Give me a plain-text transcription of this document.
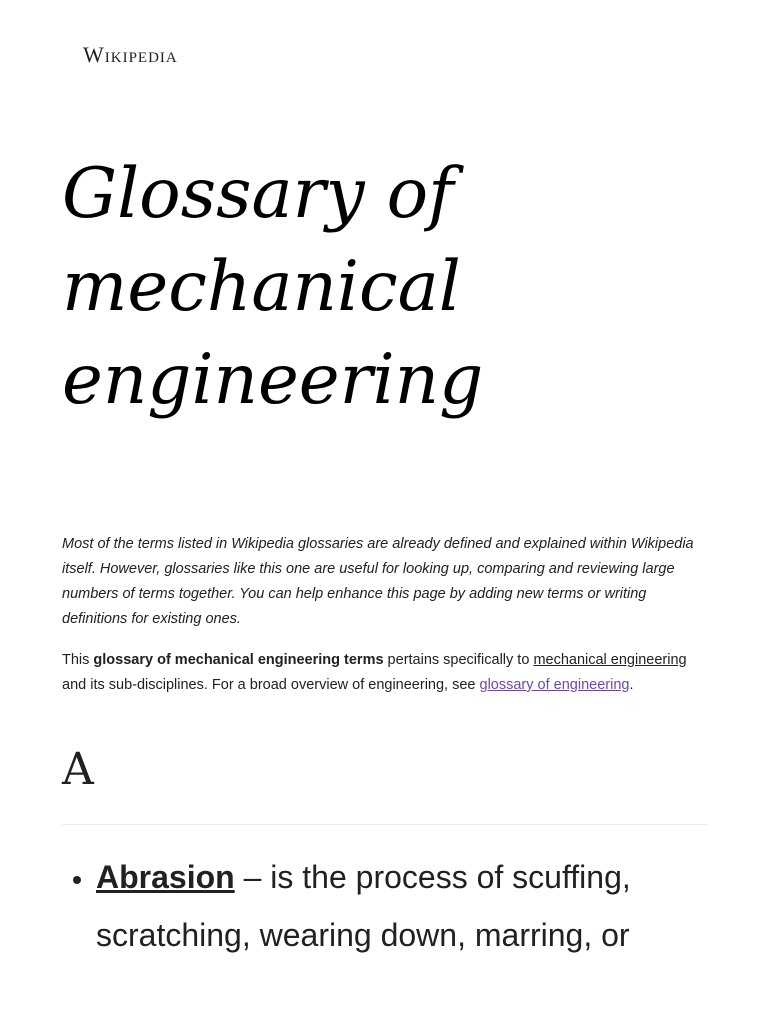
Wikipedia
Glossary of mechanical engineering

Most of the terms listed in Wikipedia glossaries are already defined and explained within Wikipedia itself. However, glossaries like this one are useful for looking up, comparing and reviewing large numbers of terms together. You can help enhance this page by adding new terms or writing definitions for existing ones.

This glossary of mechanical engineering terms pertains specifically to mechanical engineering and its sub-disciplines. For a broad overview of engineering, see glossary of engineering.

A
• Abrasion – is the process of scuffing, scratching, wearing down, marring, or
